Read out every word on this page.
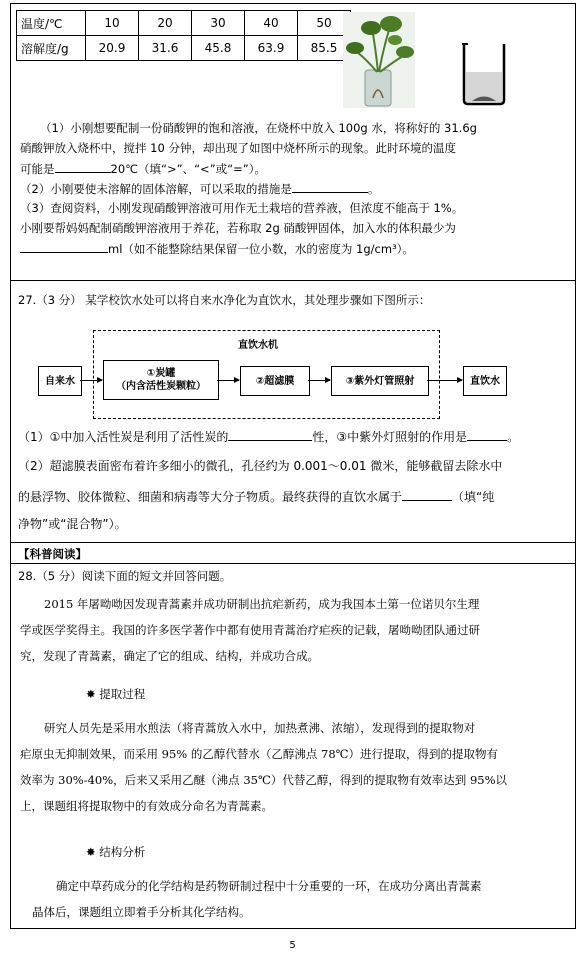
温度/℃	10	20	30	40	50
溶解度/g	20.9	31.6	45.8	63.9	85.5
（1）小刚想要配制一份硝酸钾的饱和溶液，在烧杯中放入 100g 水，将称好的 31.6g
硝酸钾放入烧杯中，搅拌 10 分钟，却出现了如图中烧杯所示的现象。此时环境的温度
可能是	20℃（填“>”、“<”或“=”）。
（2）小刚要使未溶解的固体溶解，可以采取的措施是	。
（3）查阅资料，小刚发现硝酸钾溶液可用作无土栽培的营养液，但浓度不能高于 1%。
小刚要帮妈妈配制硝酸钾溶液用于养花，若称取 2g 硝酸钾固体，加入水的体积最少为
ml（如不能整除结果保留一位小数，水的密度为 1g/cm³）。
27.（3 分） 某学校饮水处可以将自来水净化为直饮水，其处理步骤如下图所示：
直饮水机
自来水
①炭罐
（内含活性炭颗粒）	②超滤膜	③紫外灯管照射	直饮水
（1）①中加入活性炭是利用了活性炭的	性，③中紫外灯照射的作用是	。
（2）超滤膜表面密布着许多细小的微孔，孔径约为 0.001～0.01 微米，能够截留去除水中
的悬浮物、胶体微粒、细菌和病毒等大分子物质。最终获得的直饮水属于	（填“纯
净物”或“混合物”）。
【科普阅读】
28.（5 分）阅读下面的短文并回答问题。
2015 年屠呦呦因发现青蒿素并成功研制出抗疟新药，成为我国本土第一位诺贝尔生理
学或医学奖得主。我国的许多医学著作中都有使用青蒿治疗疟疾的记载，屠呦呦团队通过研
究，发现了青蒿素，确定了它的组成、结构，并成功合成。
✸ 提取过程
研究人员先是采用水煎法（将青蒿放入水中，加热煮沸、浓缩），发现得到的提取物对
疟原虫无抑制效果，而采用 95% 的乙醇代替水（乙醇沸点 78℃）进行提取，得到的提取物有
效率为 30%-40%，后来又采用乙醚（沸点 35℃）代替乙醇，得到的提取物有效率达到 95%以
上，课题组将提取物中的有效成分命名为青蒿素。
✸ 结构分析
确定中草药成分的化学结构是药物研制过程中十分重要的一环，在成功分离出青蒿素
晶体后，课题组立即着手分析其化学结构。
5
